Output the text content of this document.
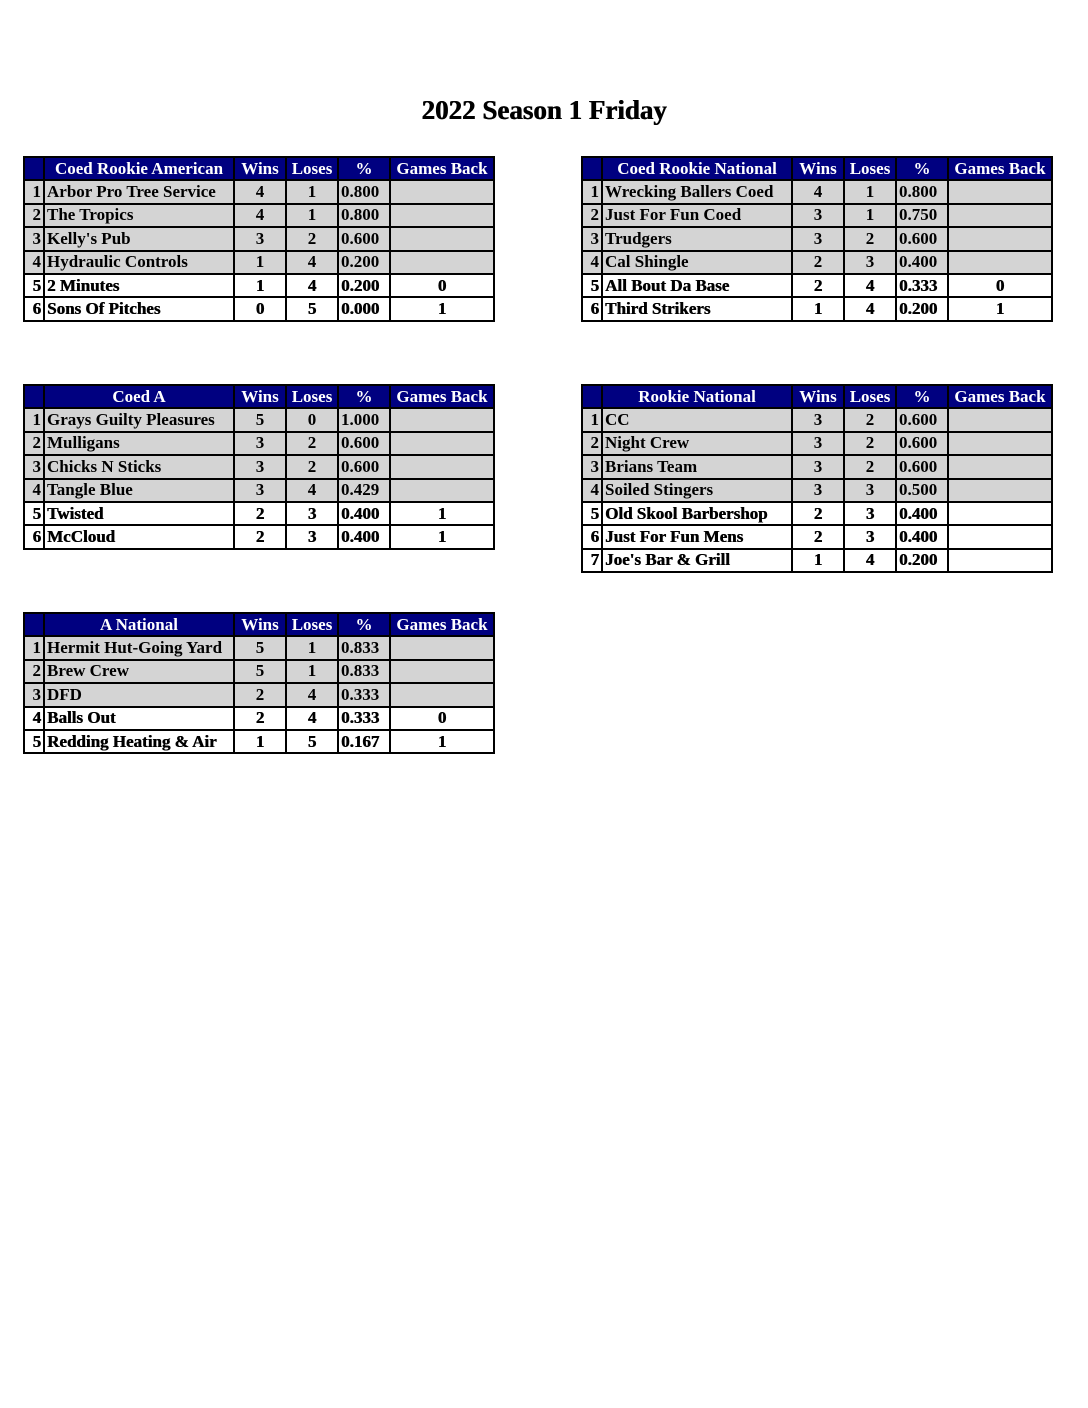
2022 Season 1 Friday
	Coed Rookie American	Wins	Loses	%	Games Back
1	Arbor Pro Tree Service	4	1	0.800	
2	The Tropics	4	1	0.800	
3	Kelly's Pub	3	2	0.600	
4	Hydraulic Controls	1	4	0.200	
5	2 Minutes	1	4	0.200	0
6	Sons Of Pitches	0	5	0.000	1
	Coed Rookie National	Wins	Loses	%	Games Back
1	Wrecking Ballers Coed	4	1	0.800	
2	Just For Fun Coed	3	1	0.750	
3	Trudgers	3	2	0.600	
4	Cal Shingle	2	3	0.400	
5	All Bout Da Base	2	4	0.333	0
6	Third Strikers	1	4	0.200	1
	Coed A	Wins	Loses	%	Games Back
1	Grays Guilty Pleasures	5	0	1.000	
2	Mulligans	3	2	0.600	
3	Chicks N Sticks	3	2	0.600	
4	Tangle Blue	3	4	0.429	
5	Twisted	2	3	0.400	1
6	McCloud	2	3	0.400	1
	Rookie National	Wins	Loses	%	Games Back
1	CC	3	2	0.600	
2	Night Crew	3	2	0.600	
3	Brians Team	3	2	0.600	
4	Soiled Stingers	3	3	0.500	
5	Old Skool Barbershop	2	3	0.400	
6	Just For Fun Mens	2	3	0.400	
7	Joe's Bar & Grill	1	4	0.200	
	A National	Wins	Loses	%	Games Back
1	Hermit Hut-Going Yard	5	1	0.833	
2	Brew Crew	5	1	0.833	
3	DFD	2	4	0.333	
4	Balls Out	2	4	0.333	0
5	Redding Heating & Air	1	5	0.167	1
